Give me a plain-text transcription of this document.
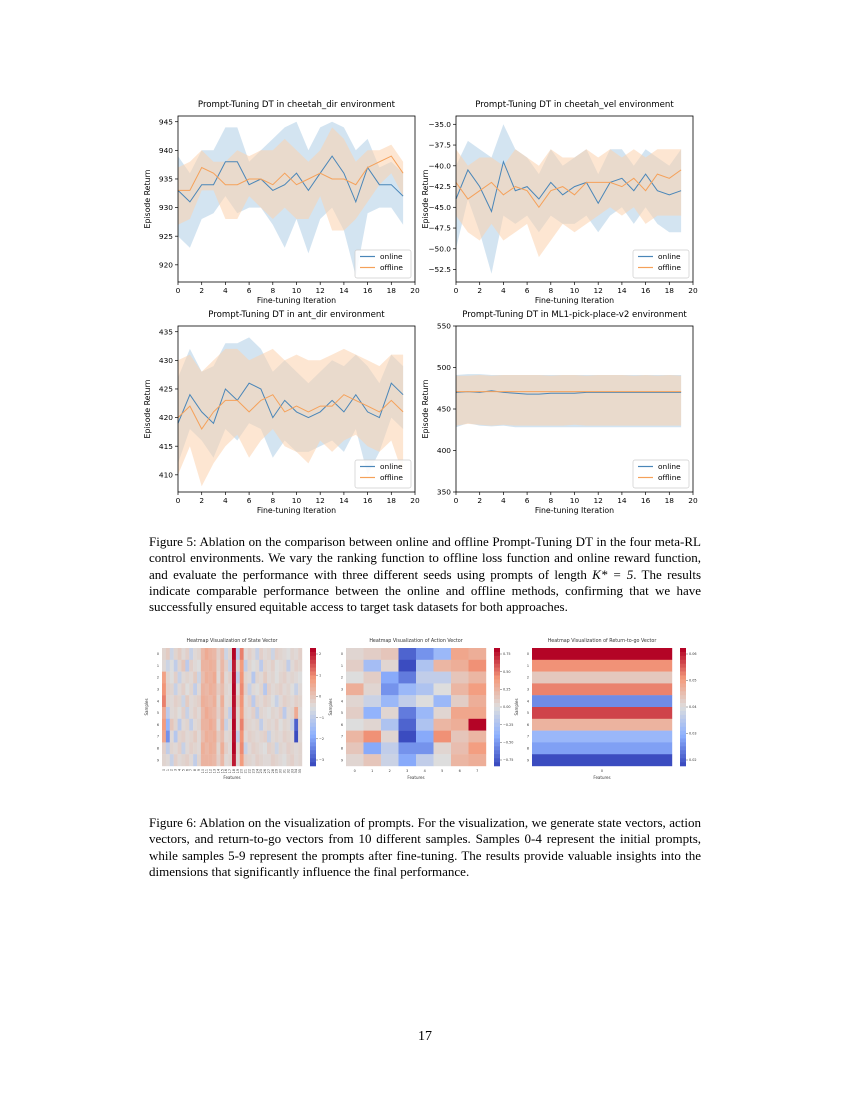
Prompt-Tuning DT in cheetah_dir environment
0	2	4	6	8 10 12 14 16 18 20
920
925
930
935
940
945
Fine-tuning Iteration
Episode Return
online
offline
Prompt-Tuning DT in cheetah_vel environment
0	2	4	6	8 10 12 14 16 18 20
−52.5
−50.0
−47.5
−45.0
−42.5
−40.0
−37.5
−35.0
Fine-tuning Iteration
Episode Return
online
offline
Prompt-Tuning DT in ant_dir environment
0	2	4	6	8 10 12 14 16 18 20
410
415
420
425
430
435
Fine-tuning Iteration
Episode Return
online
offline
Prompt-Tuning DT in ML1-pick-place-v2 environment
0	2	4	6	8 10 12 14 16 18 20
350
400
450
500
550
Fine-tuning Iteration
Episode Return
online
offline
Figure 5: Ablation on the comparison between online and offline Prompt-Tuning DT in the four meta-RL control environments. We vary the ranking function to offline loss function and online reward function, and evaluate the performance with three different seeds using prompts of length K* = 5. The results indicate comparable performance between the online and offline methods, confirming that we have successfully ensured equitable access to target task datasets for both approaches.
Heatmap Visualization of State Vector
0
1
2
3
4
5
6
7
8
9
0 1 2 3 4 5 6 7 8 9 10 11 12 13 14 15 16 17 18 19 20 21 22 23 24 25 26 27 28 29 30 31 32 33 34 35
Features
Samples
2
1
0
−1
−2
−3
Heatmap Visualization of Action Vector
0
1
2
3
4
5
6
7
8
9
0	1	2	3	4	5	6	7
Features
Samples
0.75
0.50
0.25
0.00
−0.25
−0.50
−0.75
Heatmap Visualization of Return-to-go Vector
0
1
2
3
4
5
6
7
8
9
0
Features
Samples
0.06
0.05
0.04
0.03
0.02
Figure 6: Ablation on the visualization of prompts. For the visualization, we generate state vectors, action vectors, and return-to-go vectors from 10 different samples. Samples 0-4 represent the initial prompts, while samples 5-9 represent the prompts after fine-tuning. The results provide valuable insights into the dimensions that significantly influence the final performance.
17
